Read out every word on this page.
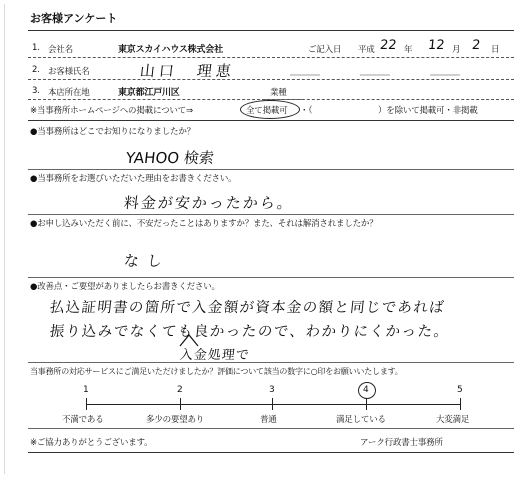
お客様アンケート
1. 会社名	東京スカイハウス株式会社	ご記入日 平成 22 年 12 月 2 日
2. お客様氏名	山口　理恵
3. 本店所在地	東京都江戸川区	業種
※当事務所ホームページへの掲載について⇒	全て掲載可 ・（	）を除いて掲載可・非掲載
●当事務所はどこでお知りになりましたか？
YAHOO 検索
●当事務所をお選びいただいた理由をお書きください。
料金が安かったから。
●お申し込みいただく前に、不安だったことはありますか？また、それは解消されましたか？
なし
●改善点・ご要望がありましたらお書きください。
払込証明書の箇所で入金額が資本金の額と同じであれば
振り込みでなくても良かったので、わかりにくかった。
入金処理で
当事務所の対応サービスにご満足いただけましたか？評価について該当の数字に○印をお願いいたします。
1
不満である
2
多少の要望あり
3
普通
4
満足している
5
大変満足
※ご協力ありがとうございます。	アーク行政書士事務所
